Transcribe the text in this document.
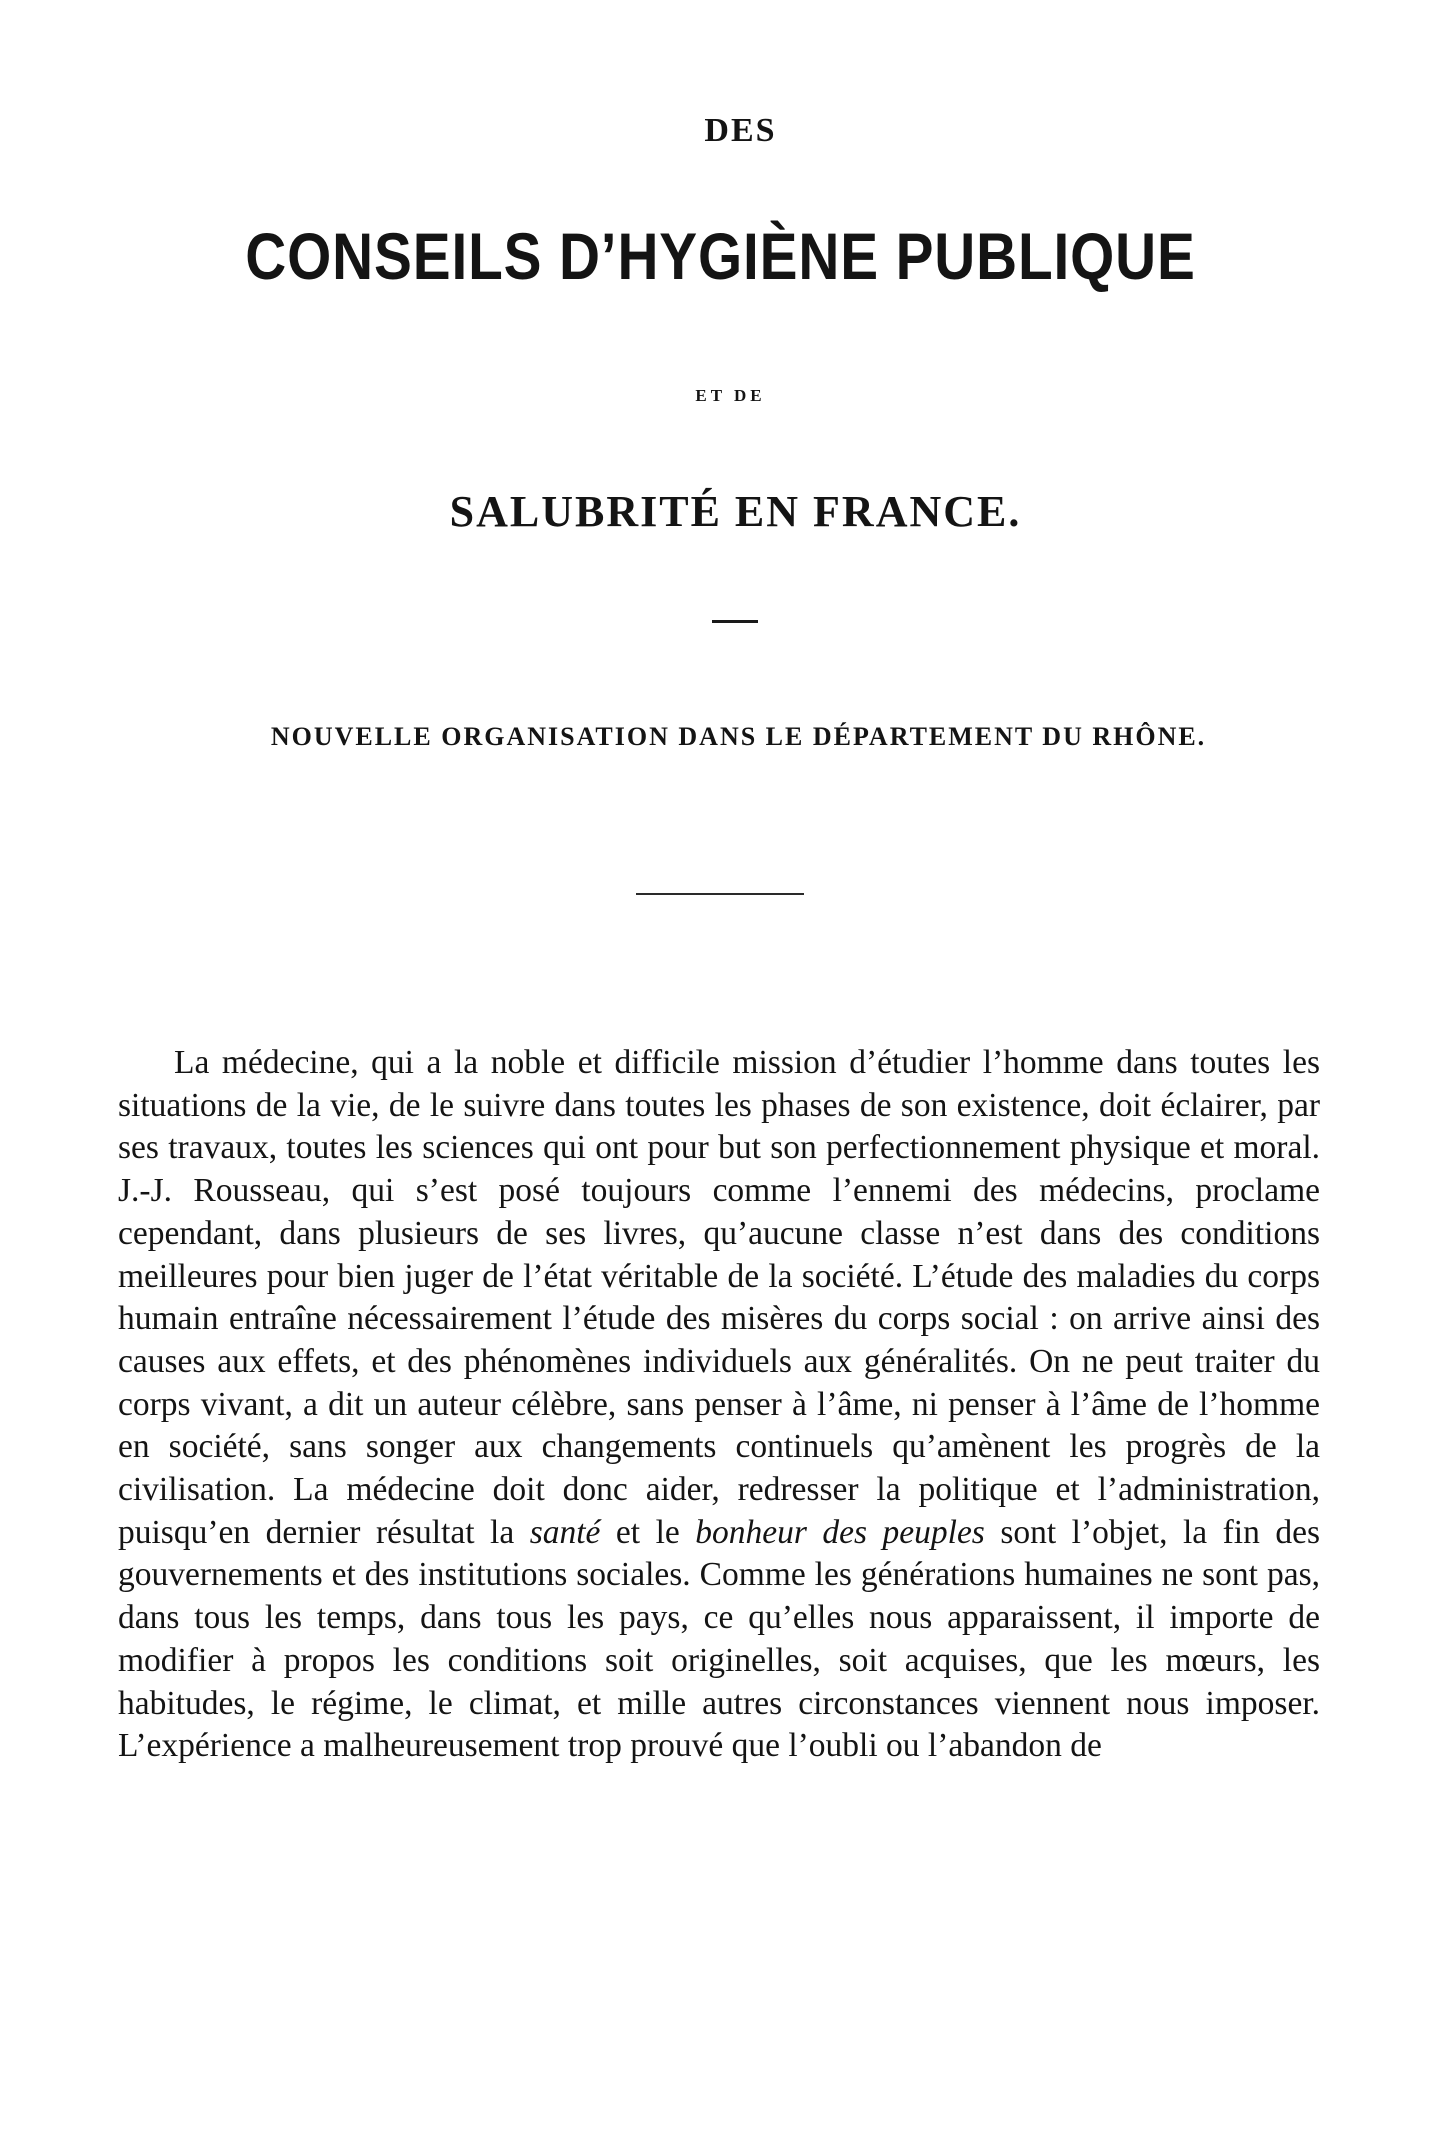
DES
CONSEILS D’HYGIÈNE PUBLIQUE
ET DE
SALUBRITÉ EN FRANCE.
NOUVELLE ORGANISATION DANS LE DÉPARTEMENT DU RHÔNE.

La médecine, qui a la noble et difficile mission d’étudier l’homme dans toutes les situations de la vie, de le suivre dans toutes les phases de son existence, doit éclairer, par ses travaux, toutes les sciences qui ont pour but son perfectionnement physique et moral. J.-J. Rousseau, qui s’est posé toujours comme l’ennemi des médecins, proclame cependant, dans plusieurs de ses livres, qu’aucune classe n’est dans des conditions meilleures pour bien juger de l’état véritable de la société. L’étude des maladies du corps humain entraîne nécessairement l’étude des misères du corps social : on arrive ainsi des causes aux effets, et des phénomènes individuels aux généralités. On ne peut traiter du corps vivant, a dit un auteur célèbre, sans penser à l’âme, ni penser à l’âme de l’homme en société, sans songer aux changements continuels qu’amènent les progrès de la civilisation. La médecine doit donc aider, redresser la politique et l’administration, puisqu’en dernier résultat la santé et le bonheur des peuples sont l’objet, la fin des gouvernements et des institutions sociales. Comme les générations humaines ne sont pas, dans tous les temps, dans tous les pays, ce qu’elles nous apparaissent, il importe de modifier à propos les conditions soit originelles, soit acquises, que les mœurs, les habitudes, le régime, le climat, et mille autres circonstances viennent nous imposer. L’expérience a malheureusement trop prouvé que l’oubli ou l’abandon de
